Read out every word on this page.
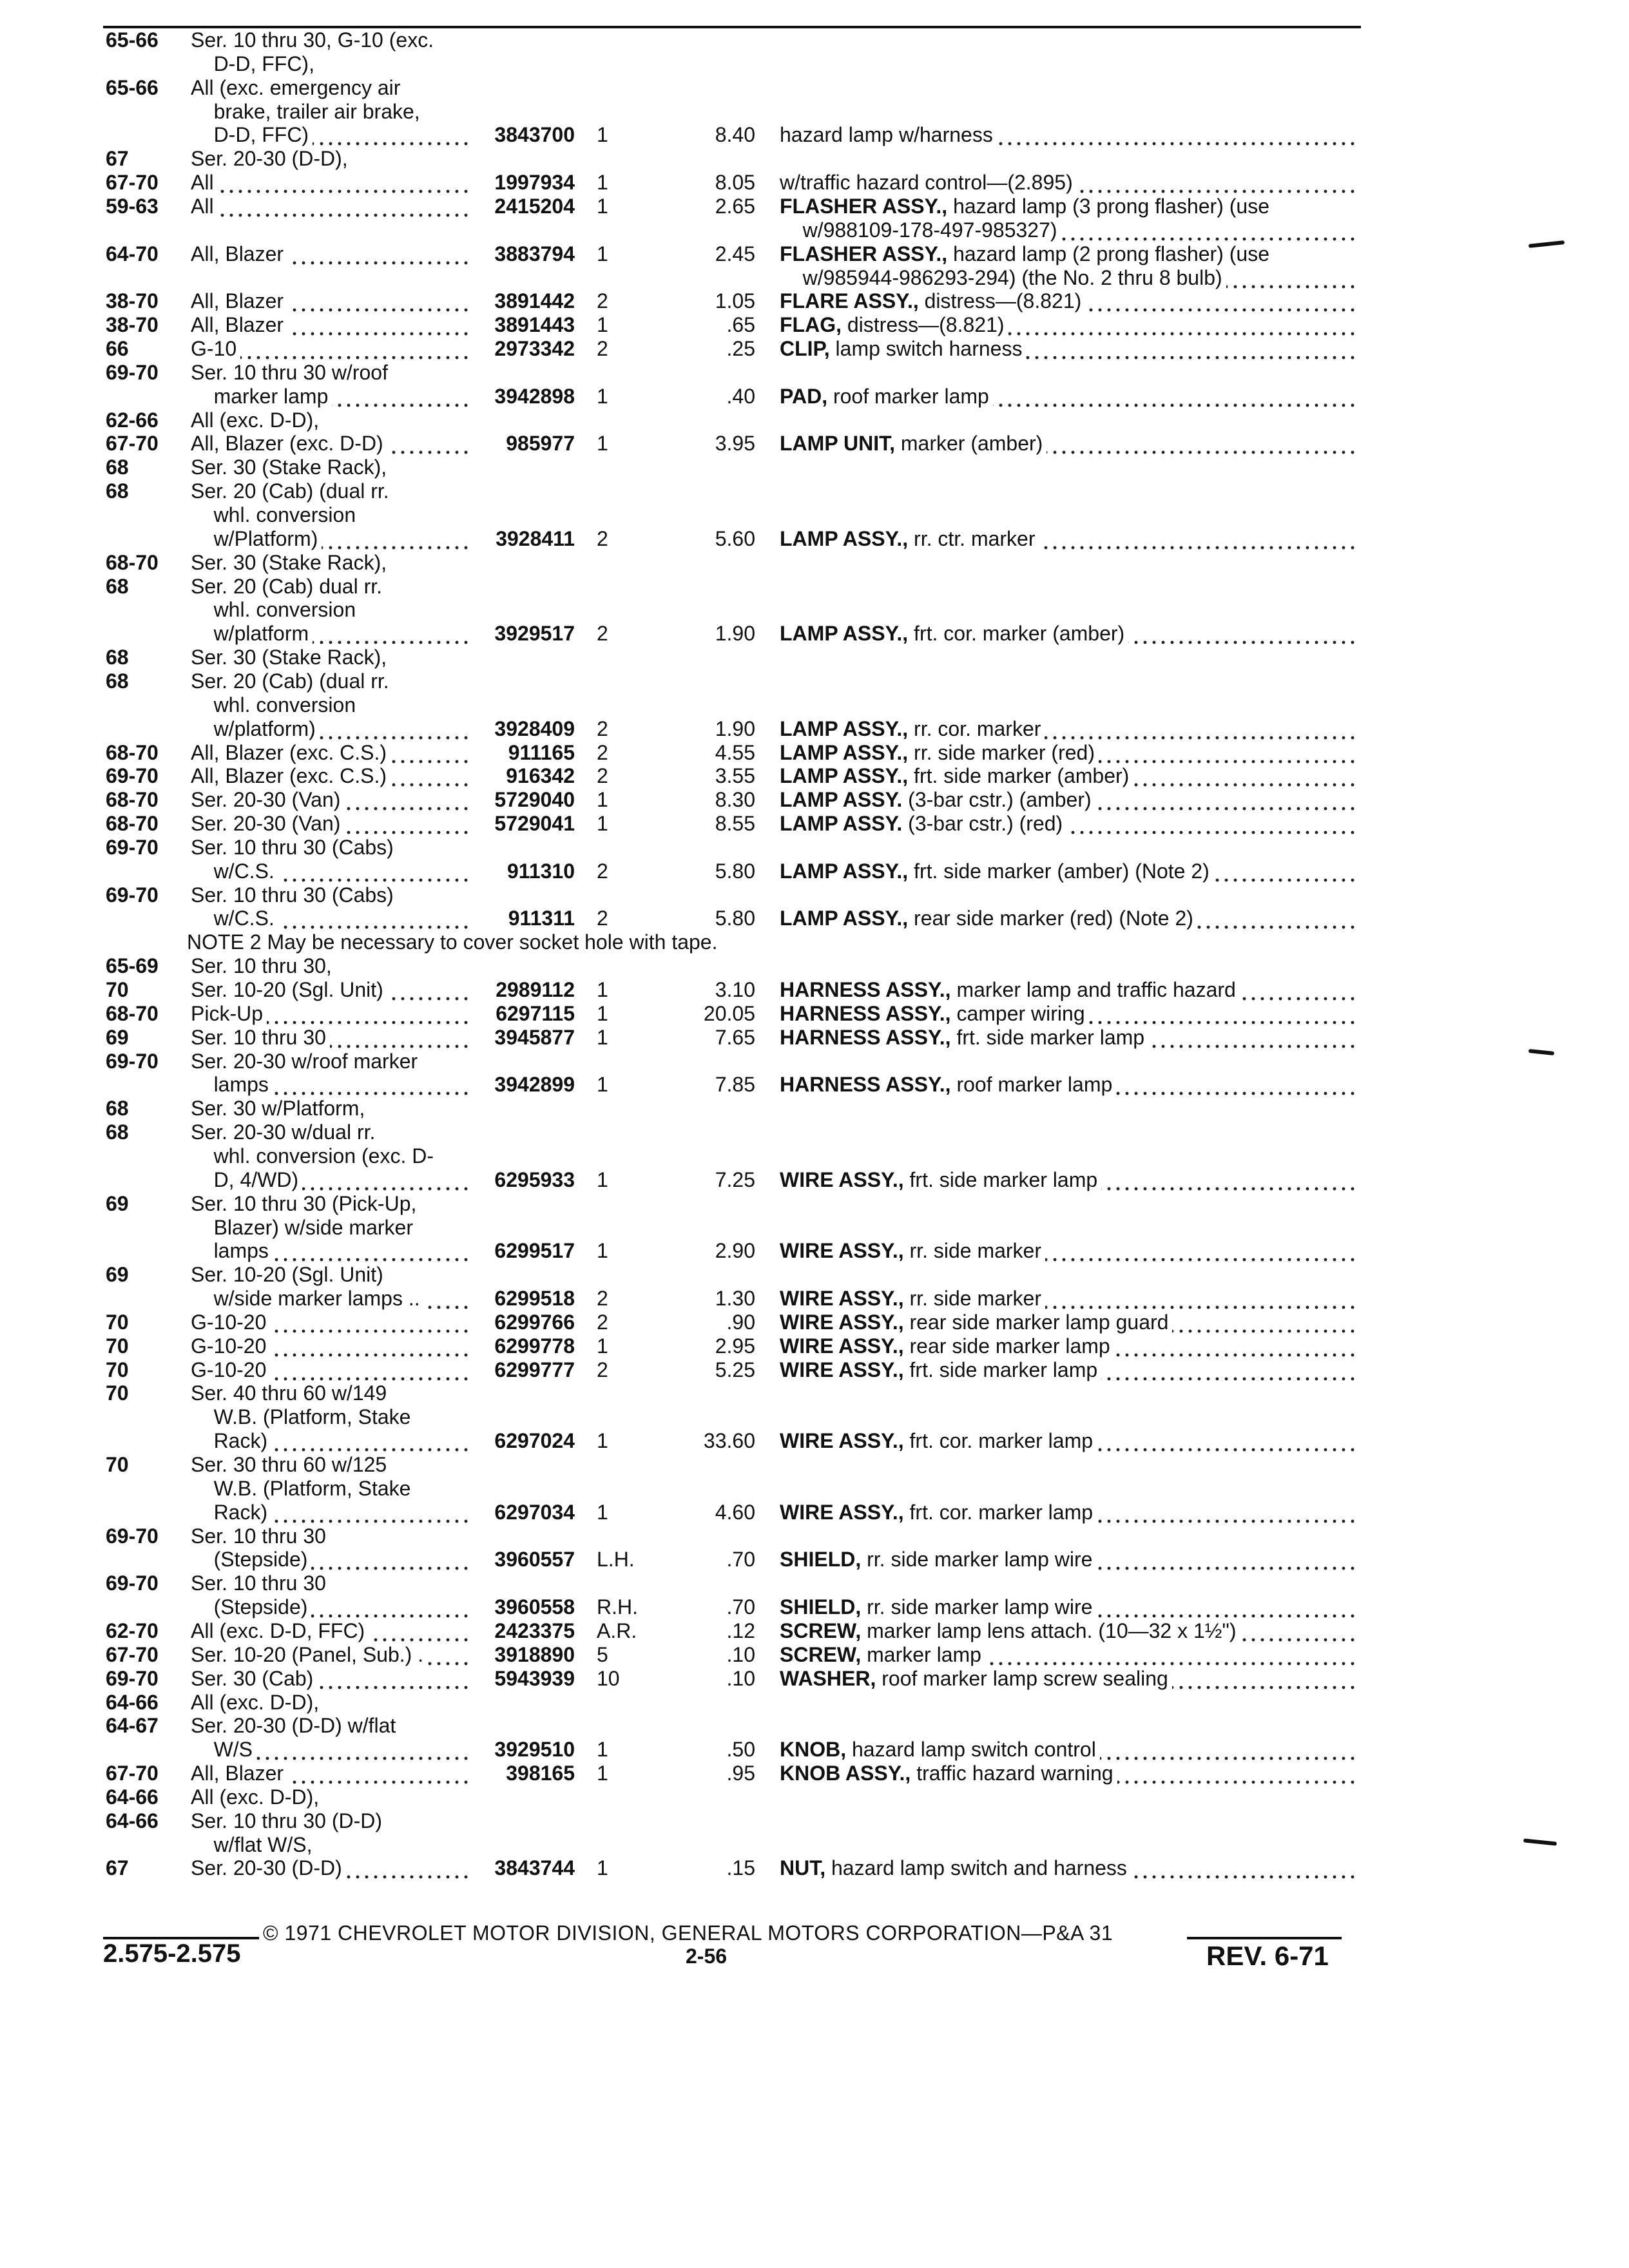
65-66	Ser. 10 thru 30, G-10 (exc.
D-D, FFC),
65-66	All (exc. emergency air
brake, trailer air brake,
D-D, FFC)	3843700	1	8.40 hazard lamp w/harness
67	Ser. 20-30 (D-D),
67-70	All	1997934	1	8.05 w/traffic hazard control—(2.895)
59-63	All	2415204	1	2.65 FLASHER ASSY., hazard lamp (3 prong flasher) (use
w/988109-178-497-985327)
64-70	All, Blazer	3883794	1	2.45 FLASHER ASSY., hazard lamp (2 prong flasher) (use
w/985944-986293-294) (the No. 2 thru 8 bulb)
38-70	All, Blazer	3891442	2	1.05 FLARE ASSY., distress—(8.821)
38-70	All, Blazer	3891443	1	.65 FLAG, distress—(8.821)
66	G-10	2973342	2	.25 CLIP, lamp switch harness
69-70	Ser. 10 thru 30 w/roof
marker lamp	3942898	1	.40 PAD, roof marker lamp
62-66	All (exc. D-D),
67-70	All, Blazer (exc. D-D)	985977	1	3.95 LAMP UNIT, marker (amber)
68	Ser. 30 (Stake Rack),
68	Ser. 20 (Cab) (dual rr.
whl. conversion
w/Platform)	3928411	2	5.60 LAMP ASSY., rr. ctr. marker
68-70	Ser. 30 (Stake Rack),
68	Ser. 20 (Cab) dual rr.
whl. conversion
w/platform	3929517	2	1.90 LAMP ASSY., frt. cor. marker (amber)
68	Ser. 30 (Stake Rack),
68	Ser. 20 (Cab) (dual rr.
whl. conversion
w/platform)	3928409	2	1.90 LAMP ASSY., rr. cor. marker
68-70	All, Blazer (exc. C.S.)	911165	2	4.55 LAMP ASSY., rr. side marker (red)
69-70	All, Blazer (exc. C.S.)	916342	2	3.55 LAMP ASSY., frt. side marker (amber)
68-70	Ser. 20-30 (Van)	5729040	1	8.30 LAMP ASSY. (3-bar cstr.) (amber)
68-70	Ser. 20-30 (Van)	5729041	1	8.55 LAMP ASSY. (3-bar cstr.) (red)
69-70	Ser. 10 thru 30 (Cabs)
w/C.S.	911310	2	5.80 LAMP ASSY., frt. side marker (amber) (Note 2)
69-70	Ser. 10 thru 30 (Cabs)
w/C.S.	911311	2	5.80 LAMP ASSY., rear side marker (red) (Note 2)
NOTE 2 May be necessary to cover socket hole with tape.
65-69	Ser. 10 thru 30,
70	Ser. 10-20 (Sgl. Unit)	2989112	1	3.10 HARNESS ASSY., marker lamp and traffic hazard
68-70	Pick-Up	6297115	1	20.05 HARNESS ASSY., camper wiring
69	Ser. 10 thru 30	3945877	1	7.65 HARNESS ASSY., frt. side marker lamp
69-70	Ser. 20-30 w/roof marker
lamps	3942899	1	7.85 HARNESS ASSY., roof marker lamp
68	Ser. 30 w/Platform,
68	Ser. 20-30 w/dual rr.
whl. conversion (exc. D-
D, 4/WD)	6295933	1	7.25 WIRE ASSY., frt. side marker lamp
69	Ser. 10 thru 30 (Pick-Up,
Blazer) w/side marker
lamps	6299517	1	2.90 WIRE ASSY., rr. side marker
69	Ser. 10-20 (Sgl. Unit)
w/side marker lamps ..	6299518	2	1.30 WIRE ASSY., rr. side marker
70	G-10-20	6299766	2	.90 WIRE ASSY., rear side marker lamp guard
70	G-10-20	6299778	1	2.95 WIRE ASSY., rear side marker lamp
70	G-10-20	6299777	2	5.25 WIRE ASSY., frt. side marker lamp
70	Ser. 40 thru 60 w/149
W.B. (Platform, Stake
Rack)	6297024	1	33.60 WIRE ASSY., frt. cor. marker lamp
70	Ser. 30 thru 60 w/125
W.B. (Platform, Stake
Rack)	6297034	1	4.60 WIRE ASSY., frt. cor. marker lamp
69-70	Ser. 10 thru 30
(Stepside)	3960557	L.H.	.70 SHIELD, rr. side marker lamp wire
69-70	Ser. 10 thru 30
(Stepside)	3960558	R.H.	.70 SHIELD, rr. side marker lamp wire
62-70	All (exc. D-D, FFC)	2423375	A.R.	.12 SCREW, marker lamp lens attach. (10—32 x 1½")
67-70	Ser. 10-20 (Panel, Sub.) .	3918890	5	.10 SCREW, marker lamp
69-70	Ser. 30 (Cab)	5943939	10	.10 WASHER, roof marker lamp screw sealing
64-66	All (exc. D-D),
64-67	Ser. 20-30 (D-D) w/flat
W/S	3929510	1	.50 KNOB, hazard lamp switch control
67-70	All, Blazer	398165	1	.95 KNOB ASSY., traffic hazard warning
64-66	All (exc. D-D),
64-66	Ser. 10 thru 30 (D-D)
w/flat W/S,
67	Ser. 20-30 (D-D)	3843744	1	.15 NUT, hazard lamp switch and harness
© 1971 CHEVROLET MOTOR DIVISION, GENERAL MOTORS CORPORATION—P&A 31
2.575-2.575	2-56	REV. 6-71
